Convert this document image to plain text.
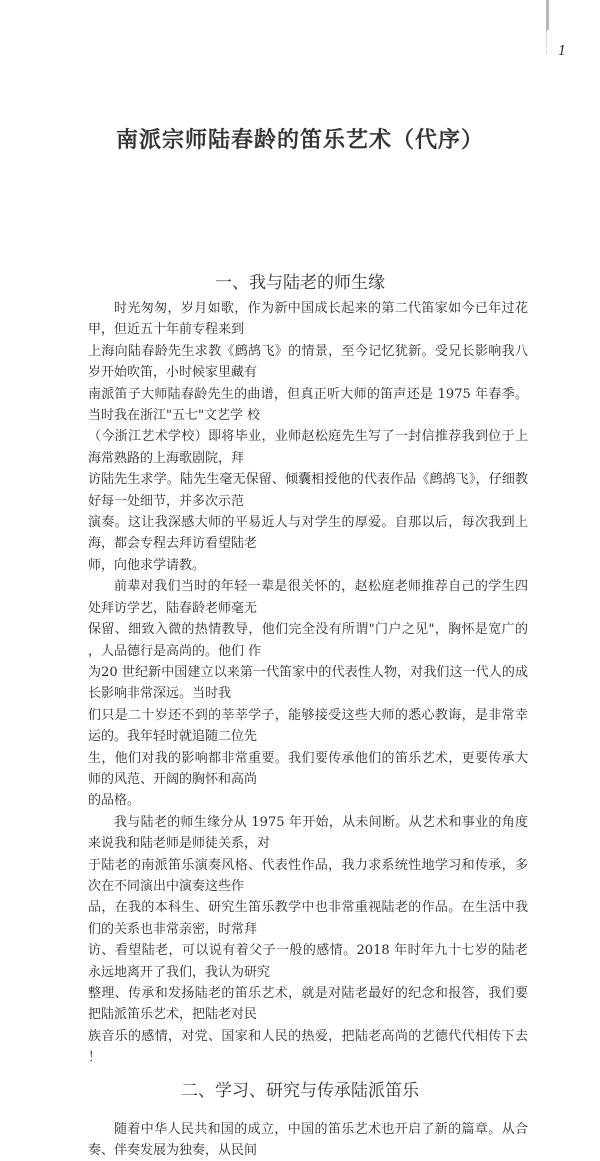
1
南派宗师陆春龄的笛乐艺术（代序）
一、我与陆老的师生缘
时光匆匆，岁月如歌，作为新中国成长起来的第二代笛家如今已年过花甲，但近五十年前专程来到
上海向陆春龄先生求教《鹧鸪飞》的情景，至今记忆犹新。受兄长影响我八岁开始吹笛，小时候家里藏有
南派笛子大师陆春龄先生的曲谱，但真正听大师的笛声还是 1975 年春季。当时我在浙江"五七"文艺学 校
（今浙江艺术学校）即将毕业，业师赵松庭先生写了一封信推荐我到位于上海常熟路的上海歌剧院，拜
访陆先生求学。陆先生毫无保留、倾囊相授他的代表作品《鹧鸪飞》，仔细教好每一处细节，并多次示范
演奏。这让我深感大师的平易近人与对学生的厚爱。自那以后，每次我到上海，都会专程去拜访看望陆老
师，向他求学请教。
前辈对我们当时的年轻一辈是很关怀的，赵松庭老师推荐自己的学生四处拜访学艺，陆春龄老师毫无
保留、细致入微的热情教导，他们完全没有所谓"门户之见"，胸怀是宽广的，人品德行是高尚的。他们 作
为20 世纪新中国建立以来第一代笛家中的代表性人物，对我们这一代人的成长影响非常深远。当时我
们只是二十岁还不到的莘莘学子，能够接受这些大师的悉心教诲，是非常幸运的。我年轻时就追随二位先
生，他们对我的影响都非常重要。我们要传承他们的笛乐艺术，更要传承大师的风范、开阔的胸怀和高尚
的品格。
我与陆老的师生缘分从 1975 年开始，从未间断。从艺术和事业的角度来说我和陆老师是师徒关系，对
于陆老的南派笛乐演奏风格、代表性作品，我力求系统性地学习和传承，多次在不同演出中演奏这些作
品，在我的本科生、研究生笛乐教学中也非常重视陆老的作品。在生活中我们的关系也非常亲密，时常拜
访、看望陆老，可以说有着父子一般的感情。2018 年时年九十七岁的陆老永远地离开了我们，我认为研究
整理、传承和发扬陆老的笛乐艺术，就是对陆老最好的纪念和报答，我们要把陆派笛乐艺术，把陆老对民
族音乐的感情，对党、国家和人民的热爱，把陆老高尚的艺德代代相传下去！
二、学习、研究与传承陆派笛乐
随着中华人民共和国的成立，中国的笛乐艺术也开启了新的篇章。从合奏、伴奏发展为独奏，从民间
